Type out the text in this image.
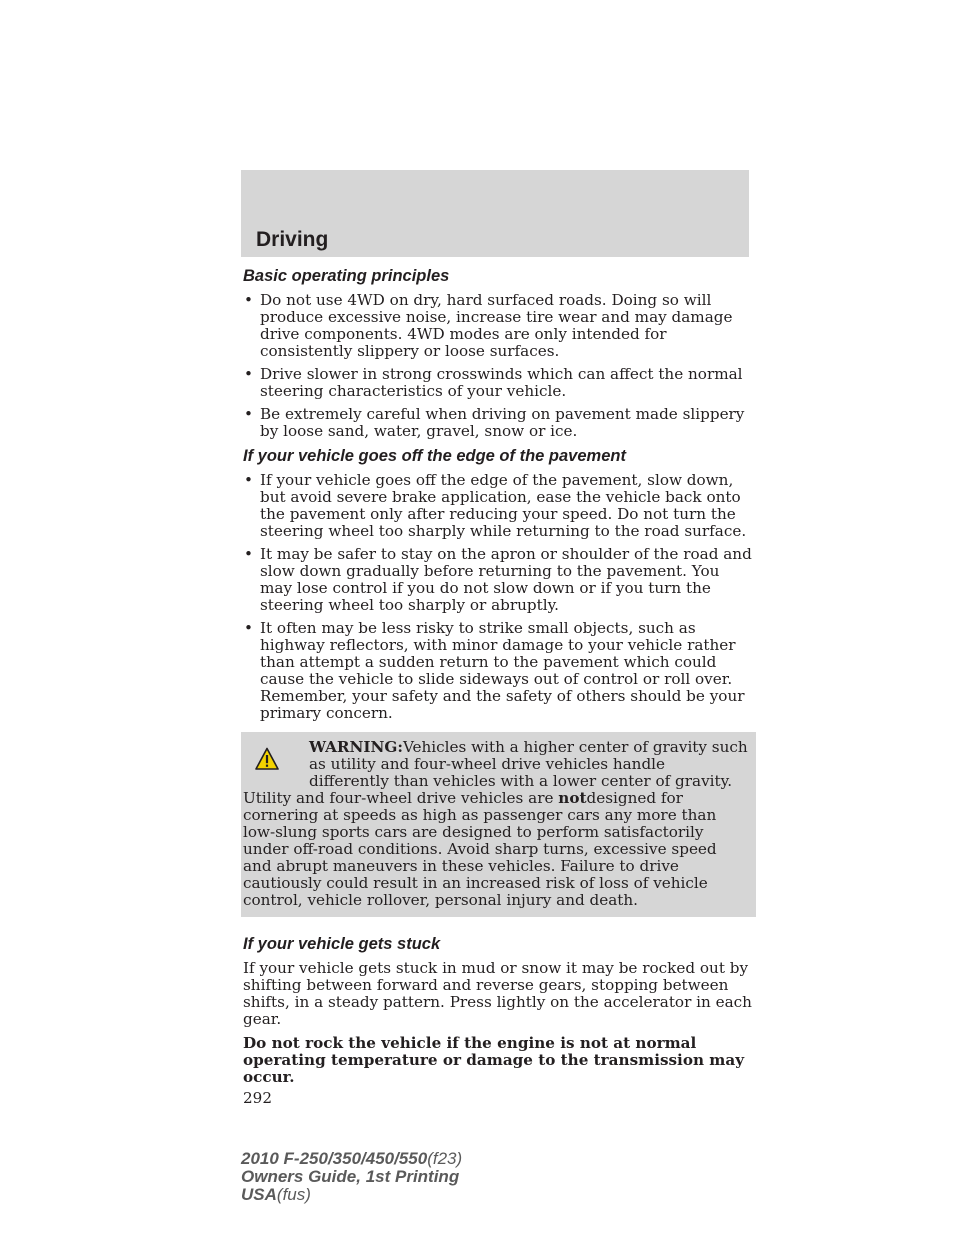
Driving
Basic operating principles
• Do not use 4WD on dry, hard surfaced roads. Doing so will produce excessive noise, increase tire wear and may damage drive components. 4WD modes are only intended for consistently slippery or loose surfaces.
• Drive slower in strong crosswinds which can affect the normal steering characteristics of your vehicle.
• Be extremely careful when driving on pavement made slippery by loose sand, water, gravel, snow or ice.
If your vehicle goes off the edge of the pavement
• If your vehicle goes off the edge of the pavement, slow down, but avoid severe brake application, ease the vehicle back onto the pavement only after reducing your speed. Do not turn the steering wheel too sharply while returning to the road surface.
• It may be safer to stay on the apron or shoulder of the road and slow down gradually before returning to the pavement. You may lose control if you do not slow down or if you turn the steering wheel too sharply or abruptly.
• It often may be less risky to strike small objects, such as highway reflectors, with minor damage to your vehicle rather than attempt a sudden return to the pavement which could cause the vehicle to slide sideways out of control or roll over. Remember, your safety and the safety of others should be your primary concern.
WARNING:Vehicles with a higher center of gravity such as utility and four-wheel drive vehicles handle differently than vehicles with a lower center of gravity. Utility and four-wheel drive vehicles are notdesigned for cornering at speeds as high as passenger cars any more than low-slung sports cars are designed to perform satisfactorily under off-road conditions. Avoid sharp turns, excessive speed and abrupt maneuvers in these vehicles. Failure to drive cautiously could result in an increased risk of loss of vehicle control, vehicle rollover, personal injury and death.
If your vehicle gets stuck

If your vehicle gets stuck in mud or snow it may be rocked out by shifting between forward and reverse gears, stopping between shifts, in a steady pattern. Press lightly on the accelerator in each gear.

Do not rock the vehicle if the engine is not at normal operating temperature or damage to the transmission may occur.

292

2010 F-250/350/450/550(f23)
Owners Guide, 1st Printing
USA(fus)
